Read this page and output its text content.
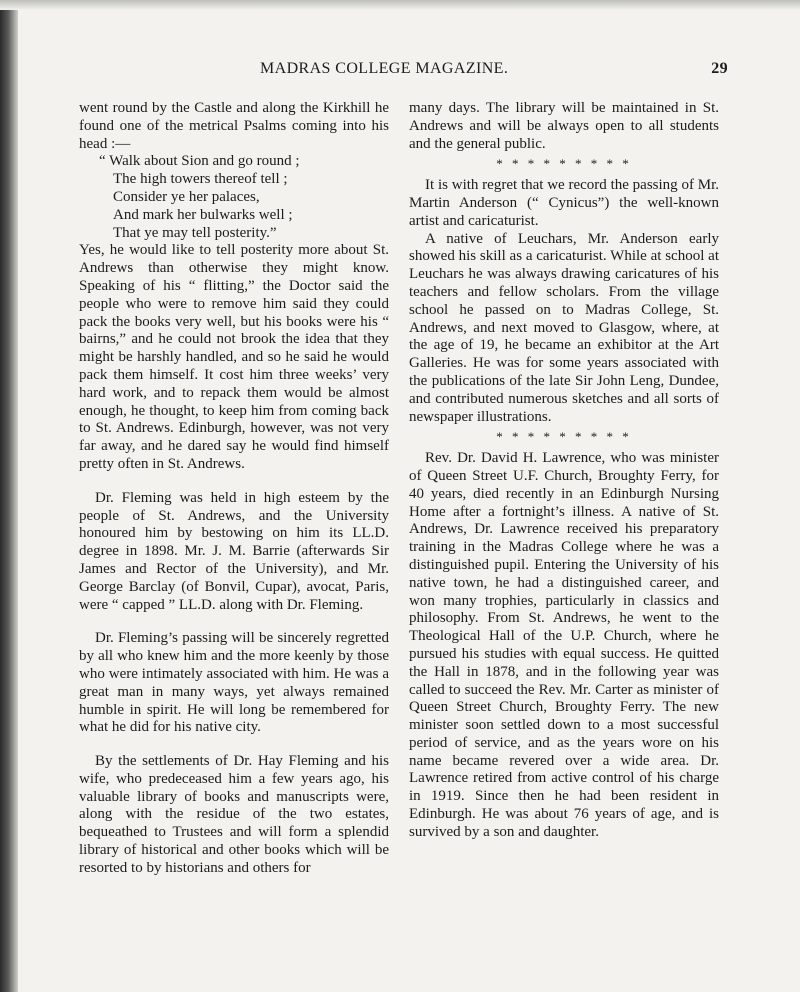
MADRAS COLLEGE MAGAZINE.	29

went round by the Castle and along the Kirkhill he found one of the metrical Psalms coming into his head :—

“ Walk about Sion and go round ;
The high towers thereof tell ;
Consider ye her palaces,
And mark her bulwarks well ;
That ye may tell posterity.”

Yes, he would like to tell posterity more about St. Andrews than otherwise they might know. Speaking of his “ flitting,” the Doctor said the people who were to remove him said they could pack the books very well, but his books were his “ bairns,” and he could not brook the idea that they might be harshly handled, and so he said he would pack them himself. It cost him three weeks’ very hard work, and to repack them would be almost enough, he thought, to keep him from coming back to St. Andrews. Edinburgh, however, was not very far away, and he dared say he would find himself pretty often in St. Andrews.

Dr. Fleming was held in high esteem by the people of St. Andrews, and the University honoured him by bestowing on him its LL.D. degree in 1898. Mr. J. M. Barrie (afterwards Sir James and Rector of the University), and Mr. George Barclay (of Bonvil, Cupar), avocat, Paris, were “ capped ” LL.D. along with Dr. Fleming.

Dr. Fleming’s passing will be sincerely regretted by all who knew him and the more keenly by those who were intimately associated with him. He was a great man in many ways, yet always remained humble in spirit. He will long be remembered for what he did for his native city.

By the settlements of Dr. Hay Fleming and his wife, who predeceased him a few years ago, his valuable library of books and manuscripts were, along with the residue of the two estates, bequeathed to Trustees and will form a splendid library of historical and other books which will be resorted to by historians and others for

many days. The library will be maintained in St. Andrews and will be always open to all students and the general public.

* * * * * * * * *

It is with regret that we record the passing of Mr. Martin Anderson (“ Cynicus”) the well-known artist and caricaturist.

A native of Leuchars, Mr. Anderson early showed his skill as a caricaturist. While at school at Leuchars he was always drawing caricatures of his teachers and fellow scholars. From the village school he passed on to Madras College, St. Andrews, and next moved to Glasgow, where, at the age of 19, he became an exhibitor at the Art Galleries. He was for some years associated with the publications of the late Sir John Leng, Dundee, and contributed numerous sketches and all sorts of newspaper illustrations.

* * * * * * * * *

Rev. Dr. David H. Lawrence, who was minister of Queen Street U.F. Church, Broughty Ferry, for 40 years, died recently in an Edinburgh Nursing Home after a fortnight’s illness. A native of St. Andrews, Dr. Lawrence received his preparatory training in the Madras College where he was a distinguished pupil. Entering the University of his native town, he had a distinguished career, and won many trophies, particularly in classics and philosophy. From St. Andrews, he went to the Theological Hall of the U.P. Church, where he pursued his studies with equal success. He quitted the Hall in 1878, and in the following year was called to succeed the Rev. Mr. Carter as minister of Queen Street Church, Broughty Ferry. The new minister soon settled down to a most successful period of service, and as the years wore on his name became revered over a wide area. Dr. Lawrence retired from active control of his charge in 1919. Since then he had been resident in Edinburgh. He was about 76 years of age, and is survived by a son and daughter.
